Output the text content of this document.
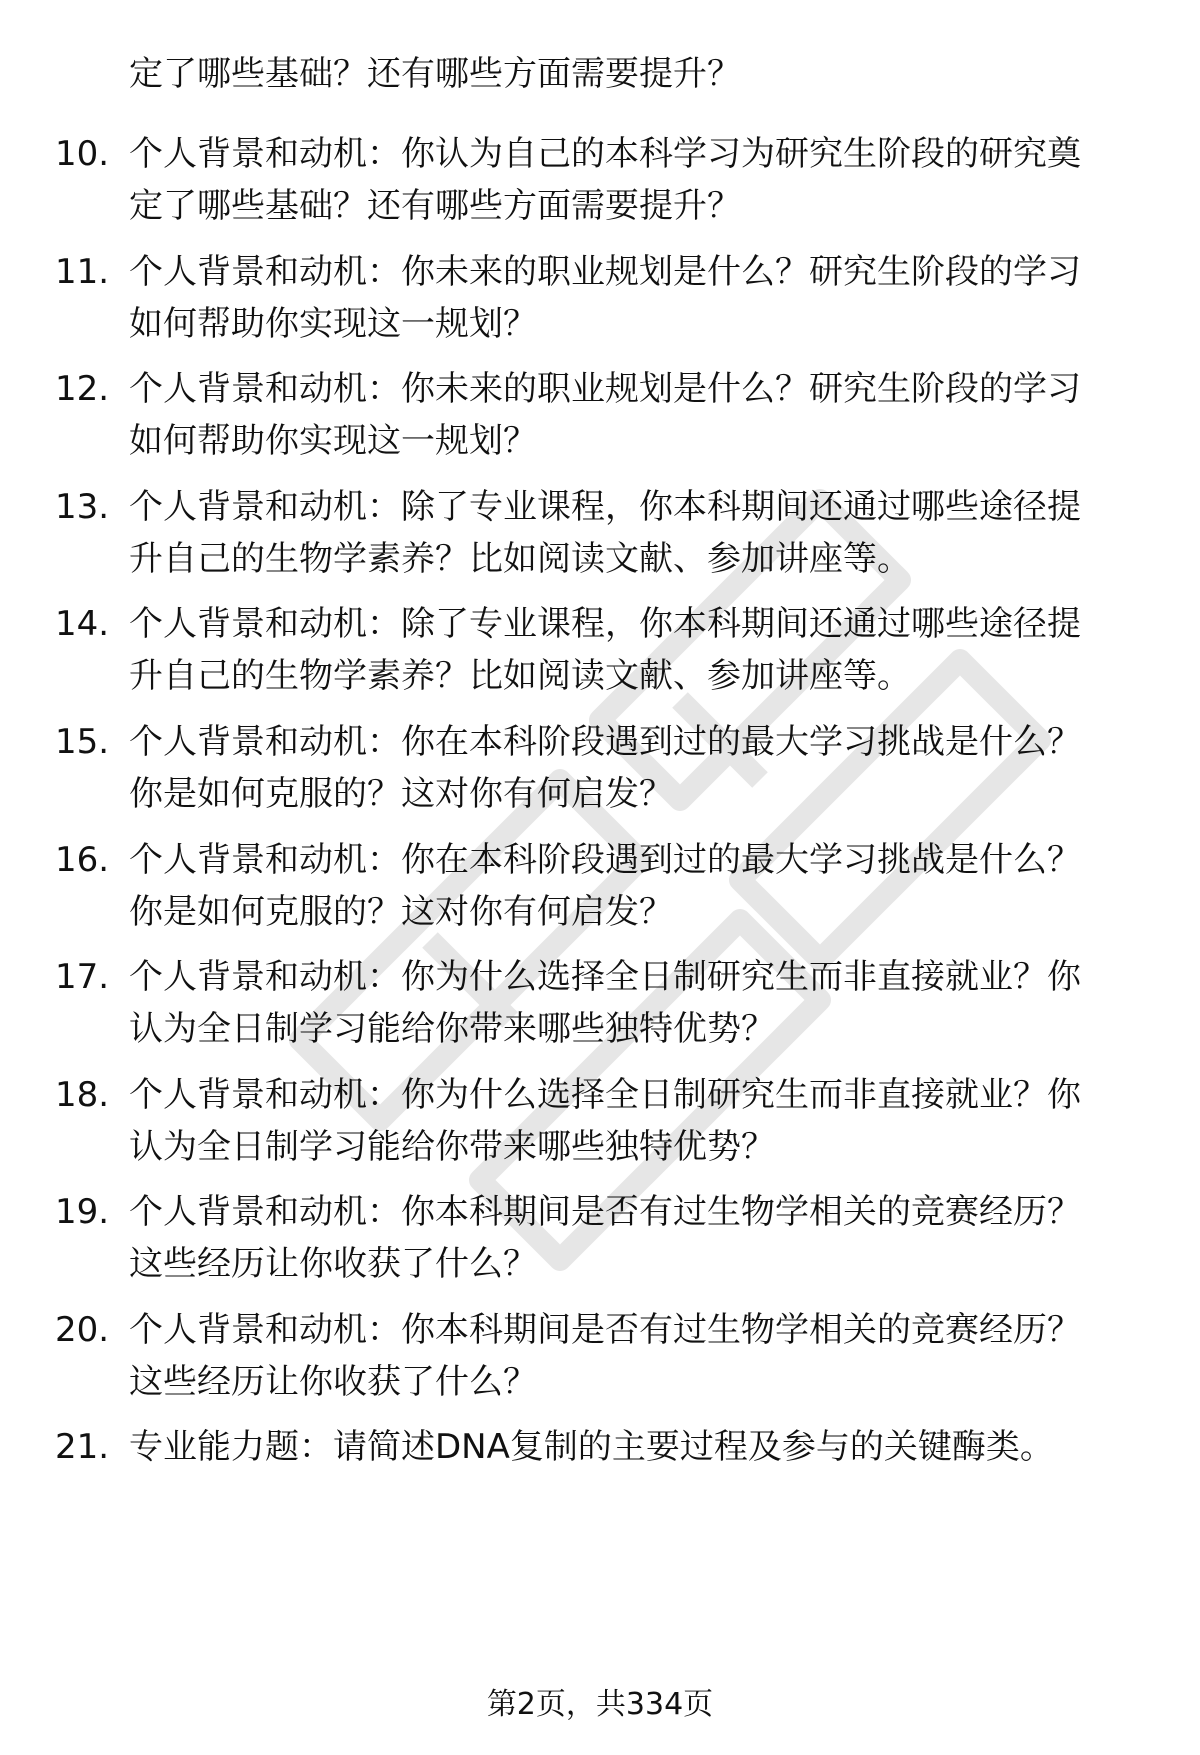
定了哪些基础？还有哪些方面需要提升？
10. 个人背景和动机：你认为自己的本科学习为研究生阶段的研究奠
定了哪些基础？还有哪些方面需要提升？
11. 个人背景和动机：你未来的职业规划是什么？研究生阶段的学习
如何帮助你实现这一规划？
12. 个人背景和动机：你未来的职业规划是什么？研究生阶段的学习
如何帮助你实现这一规划？
13. 个人背景和动机：除了专业课程，你本科期间还通过哪些途径提
升自己的生物学素养？比如阅读文献、参加讲座等。
14. 个人背景和动机：除了专业课程，你本科期间还通过哪些途径提
升自己的生物学素养？比如阅读文献、参加讲座等。
15. 个人背景和动机：你在本科阶段遇到过的最大学习挑战是什么？
你是如何克服的？这对你有何启发？
16. 个人背景和动机：你在本科阶段遇到过的最大学习挑战是什么？
你是如何克服的？这对你有何启发？
17. 个人背景和动机：你为什么选择全日制研究生而非直接就业？你
认为全日制学习能给你带来哪些独特优势？
18. 个人背景和动机：你为什么选择全日制研究生而非直接就业？你
认为全日制学习能给你带来哪些独特优势？
19. 个人背景和动机：你本科期间是否有过生物学相关的竞赛经历？
这些经历让你收获了什么？
20. 个人背景和动机：你本科期间是否有过生物学相关的竞赛经历？
这些经历让你收获了什么？
21. 专业能力题：请简述DNA复制的主要过程及参与的关键酶类。
第2页，共334页
